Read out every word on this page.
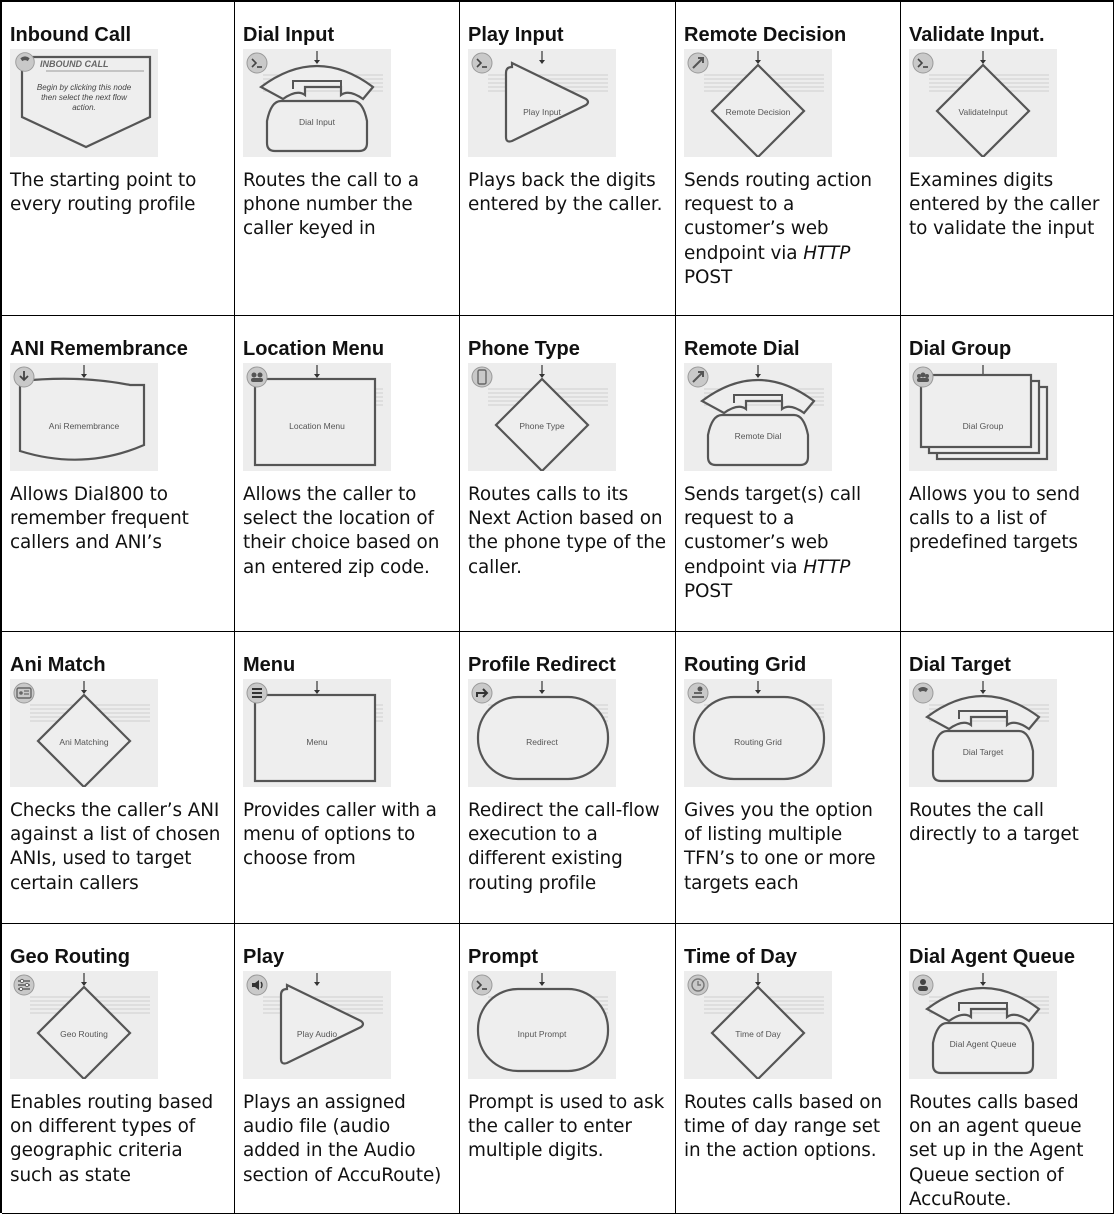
Inbound Call
Begin by clicking this node then select the next flow action.
INBOUND CALL
The starting point to every routing profile
Dial Input
Dial Input
Routes the call to a phone number the caller keyed in
Play Input
Play Input
Plays back the digits entered by the caller.
Remote Decision
Remote Decision
Sends routing action request to a customer’s web endpoint via HTTP POST
Validate Input.
ValidateInput
Examines digits entered by the caller to validate the input
ANI Remembrance
Ani Remembrance
Allows Dial800 to remember frequent callers and ANI’s
Location Menu
Location Menu
Allows the caller to select the location of their choice based on an entered zip code.
Phone Type
Phone Type
Routes calls to its Next Action based on the phone type of the caller.
Remote Dial
Remote Dial
Sends target(s) call request to a customer’s web endpoint via HTTP POST
Dial Group
Dial Group
Allows you to send calls to a list of predefined targets
Ani Match
Ani Matching
Checks the caller’s ANI against a list of chosen ANIs, used to target certain callers
Menu
Menu
Provides caller with a menu of options to choose from
Profile Redirect
Redirect
Redirect the call-flow execution to a different existing routing profile
Routing Grid
Routing Grid
Gives you the option of listing multiple TFN’s to one or more targets each
Dial Target
Dial Target
Routes the call directly to a target
Geo Routing
Geo Routing
Enables routing based on different types of geographic criteria such as state
Play
Play Audio
Plays an assigned audio file (audio added in the Audio section of AccuRoute)
Prompt
Input Prompt
Prompt is used to ask the caller to enter multiple digits.
Time of Day
Time of Day
Routes calls based on time of day range set in the action options.
Dial Agent Queue
Dial Agent Queue
Routes calls based on an agent queue set up in the Agent Queue section of AccuRoute.
